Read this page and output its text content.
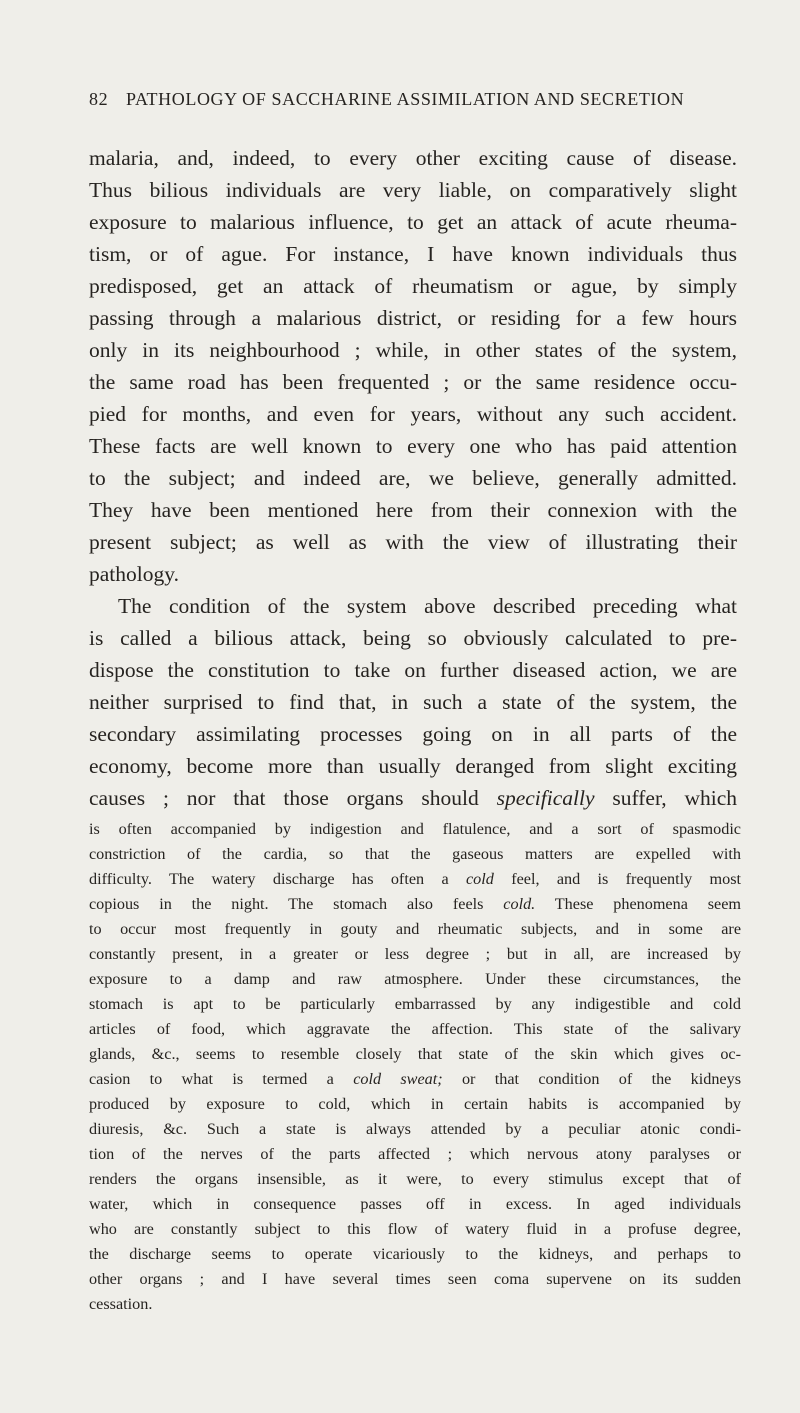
82 PATHOLOGY OF SACCHARINE ASSIMILATION AND SECRETION
malaria, and, indeed, to every other exciting cause of disease.
Thus bilious individuals are very liable, on comparatively slight
exposure to malarious influence, to get an attack of acute rheuma-
tism, or of ague. For instance, I have known individuals thus
predisposed, get an attack of rheumatism or ague, by simply
passing through a malarious district, or residing for a few hours
only in its neighbourhood ; while, in other states of the system,
the same road has been frequented ; or the same residence occu-
pied for months, and even for years, without any such accident.
These facts are well known to every one who has paid attention
to the subject; and indeed are, we believe, generally admitted.
They have been mentioned here from their connexion with the
present subject; as well as with the view of illustrating their
pathology.
The condition of the system above described preceding what
is called a bilious attack, being so obviously calculated to pre-
dispose the constitution to take on further diseased action, we are
neither surprised to find that, in such a state of the system, the
secondary assimilating processes going on in all parts of the
economy, become more than usually deranged from slight exciting
causes ; nor that those organs should specifically suffer, which
is often accompanied by indigestion and flatulence, and a sort of spasmodic
constriction of the cardia, so that the gaseous matters are expelled with
difficulty. The watery discharge has often a cold feel, and is frequently most
copious in the night. The stomach also feels cold. These phenomena seem
to occur most frequently in gouty and rheumatic subjects, and in some are
constantly present, in a greater or less degree ; but in all, are increased by
exposure to a damp and raw atmosphere. Under these circumstances, the
stomach is apt to be particularly embarrassed by any indigestible and cold
articles of food, which aggravate the affection. This state of the salivary
glands, &c., seems to resemble closely that state of the skin which gives oc-
casion to what is termed a cold sweat; or that condition of the kidneys
produced by exposure to cold, which in certain habits is accompanied by
diuresis, &c. Such a state is always attended by a peculiar atonic condi-
tion of the nerves of the parts affected ; which nervous atony paralyses or
renders the organs insensible, as it were, to every stimulus except that of
water, which in consequence passes off in excess. In aged individuals
who are constantly subject to this flow of watery fluid in a profuse degree,
the discharge seems to operate vicariously to the kidneys, and perhaps to
other organs ; and I have several times seen coma supervene on its sudden
cessation.
